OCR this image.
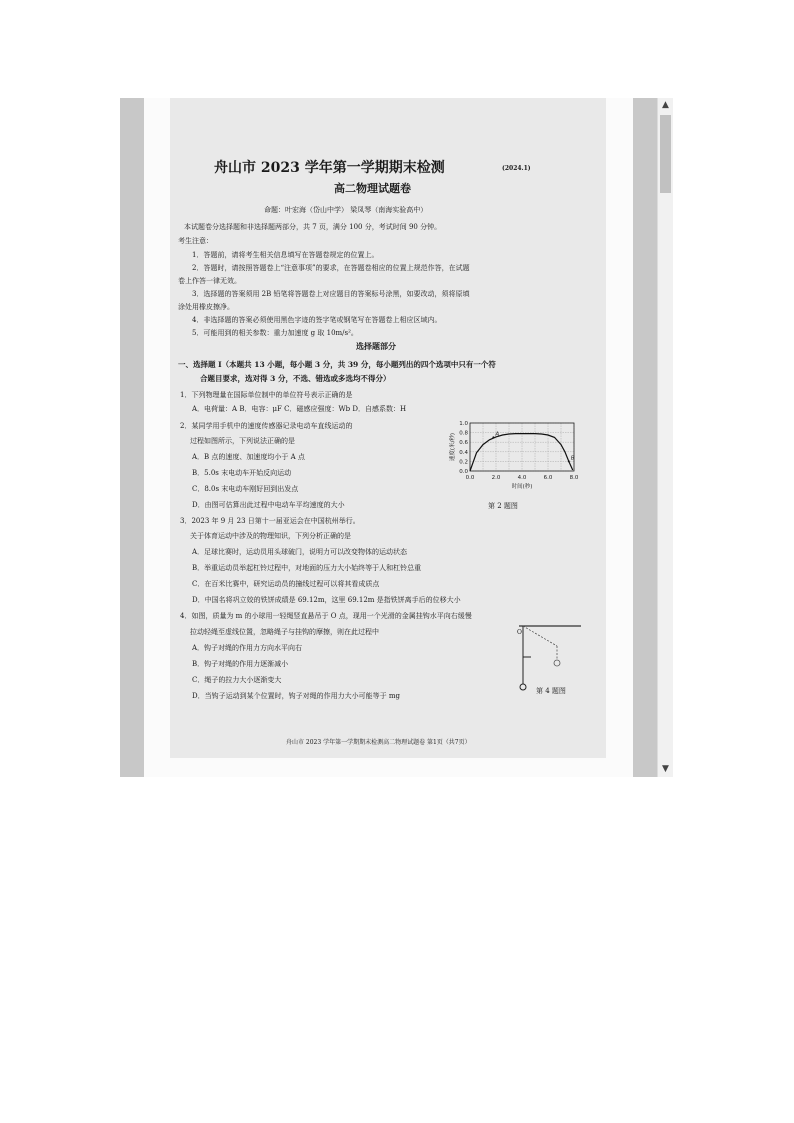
舟山市 2023 学年第一学期期末检测	(2024.1)
高二物理试题卷
命题：叶宏海（岱山中学） 梁凤琴（南海实验高中）
本试题卷分选择题和非选择题两部分，共 7 页，满分 100 分，考试时间 90 分钟。
考生注意：
1．答题前，请将考生相关信息填写在答题卷规定的位置上。
2．答题时，请按照答题卷上“注意事项”的要求，在答题卷相应的位置上规范作答，在试题
卷上作答一律无效。
3．选择题的答案须用 2B 铅笔将答题卷上对应题目的答案标号涂黑，如要改动，须将原填
涂处用橡皮擦净。
4．非选择题的答案必须使用黑色字迹的签字笔或钢笔写在答题卷上相应区域内。
5．可能用到的相关参数：重力加速度 g 取 10m/s²。
选择题部分
一、选择题 I（本题共 13 小题，每小题 3 分，共 39 分，每小题列出的四个选项中只有一个符
合题目要求，选对得 3 分，不选、错选或多选均不得分）
1．下列物理量在国际单位制中的单位符号表示正确的是
A．电荷量：A B．电容：μF C．磁感应强度：Wb D．自感系数：H
2．某同学用手机中的速度传感器记录电动车直线运动的
过程如图所示，下列说法正确的是
A．B 点的速度、加速度均小于 A 点
B．5.0s 末电动车开始反向运动
C．8.0s 末电动车刚好回到出发点
D．由图可估算出此过程中电动车平均速度的大小
3．2023 年 9 月 23 日第十一届亚运会在中国杭州举行。
关于体育运动中涉及的物理知识，下列分析正确的是
A．足球比赛时，运动员用头球破门，说明力可以改变物体的运动状态
B．举重运动员举起杠铃过程中，对地面的压力大小始终等于人和杠铃总重
C．在百米比赛中，研究运动员的撞线过程可以将其看成质点
D．中国名将巩立姣的铁饼成绩是 69.12m，这里 69.12m 是指铁饼离手后的位移大小
4．如图，质量为 m 的小球用一轻绳竖直悬吊于 O 点，现用一个光滑的金属挂钩水平向右缓慢
拉动轻绳至虚线位置，忽略绳子与挂钩的摩擦，则在此过程中
A．钩子对绳的作用力方向水平向右
B．钩子对绳的作用力逐渐减小
C．绳子的拉力大小逐渐变大
D．当钩子运动到某个位置时，钩子对绳的作用力大小可能等于 mg
0.0
0.2
0.4
0.6
0.8
1.0
0.0	2.0	4.0	6.0	8.0
时间(秒)
速度(米/秒)	A
B
第 2 题图
O
第 4 题图
舟山市 2023 学年第一学期期末检测高二物理试题卷 第1页（共7页）
▲
▼
